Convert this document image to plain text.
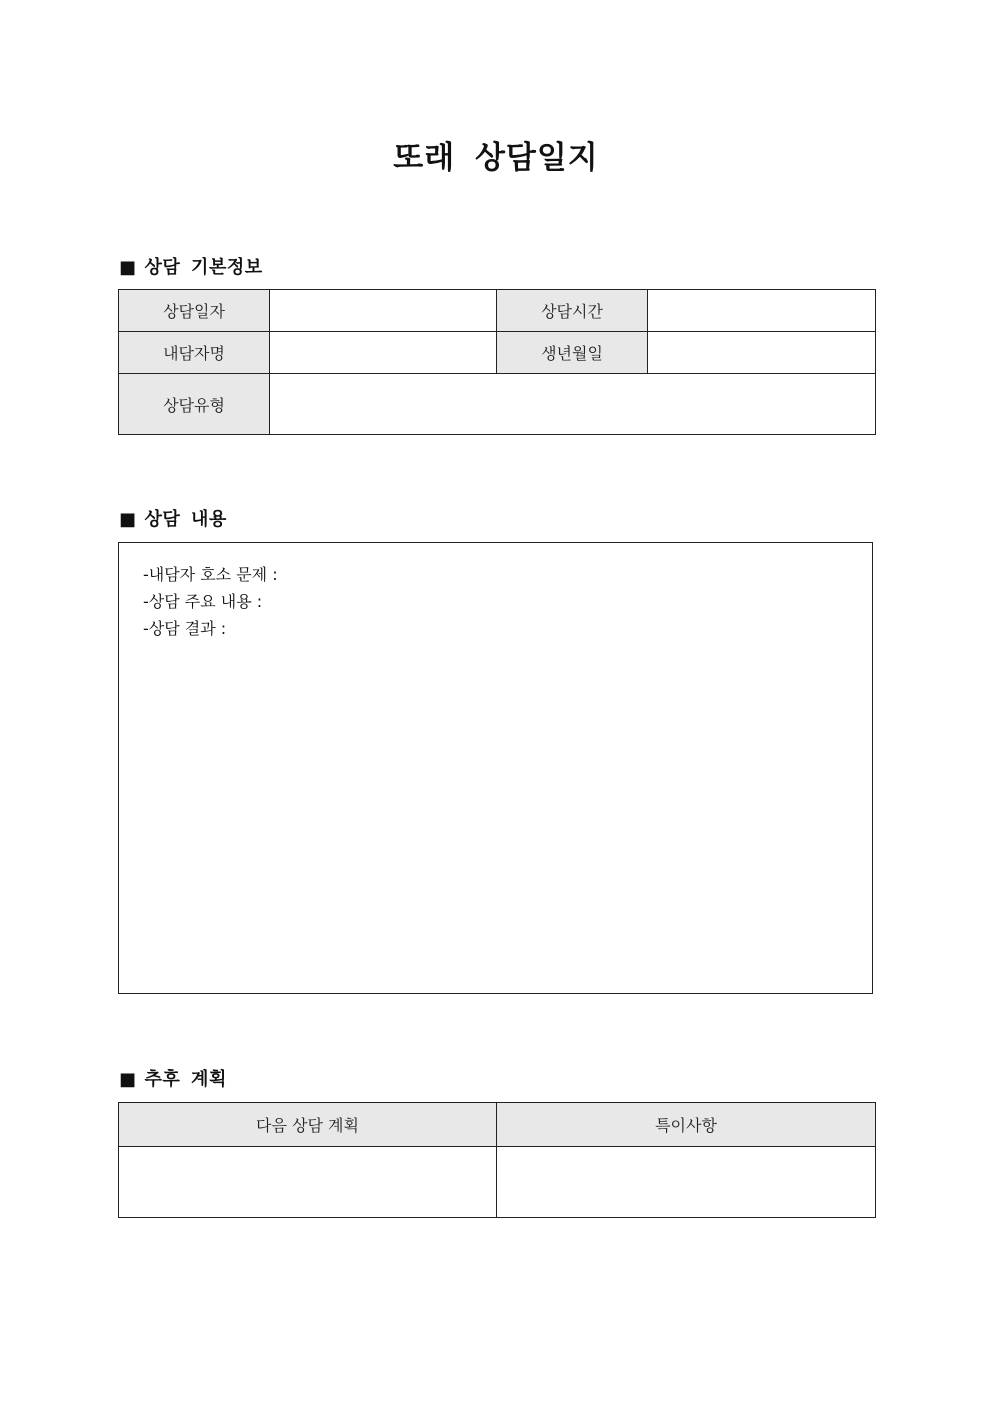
또래 상담일지
■ 상담 기본정보
상담일자		상담시간	
내담자명		생년월일	
상담유형			
■ 상담 내용
-내담자 호소 문제 :
-상담 주요 내용 :
-상담 결과 :
■ 추후 계획
다음 상담 계획	특이사항
